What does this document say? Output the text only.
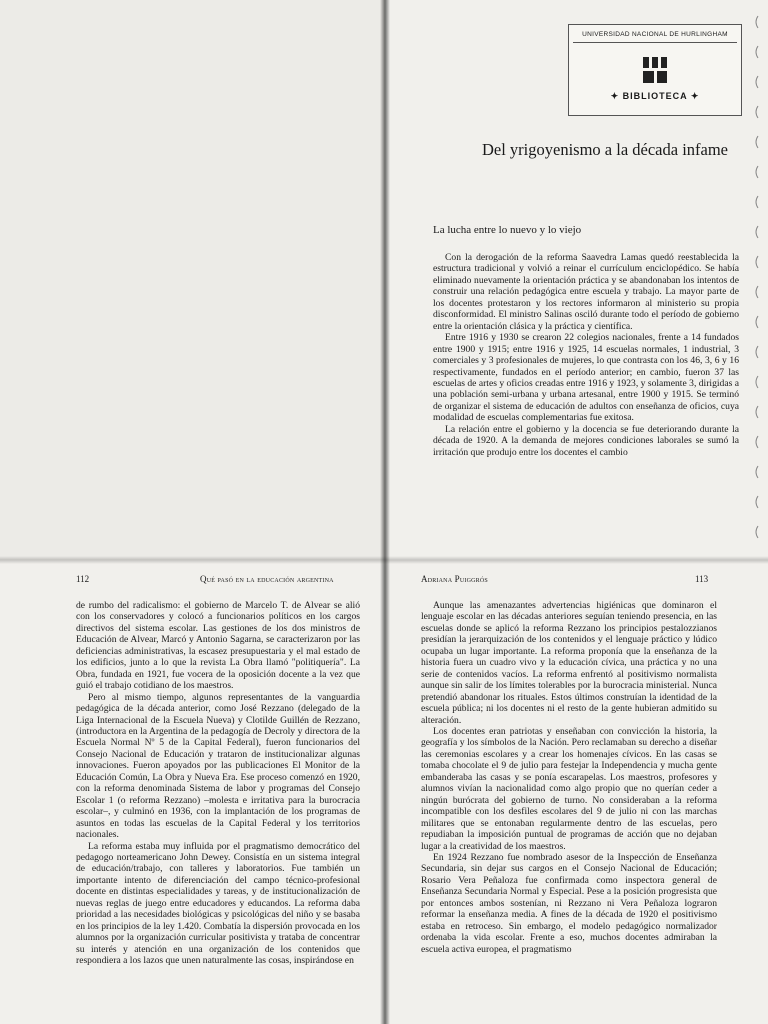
UNIVERSIDAD NACIONAL DE HURLINGHAM
✦ BIBLIOTECA ✦
Del yrigoyenismo a la década infame
La lucha entre lo nuevo y lo viejo

Con la derogación de la reforma Saavedra Lamas quedó reestablecida la estructura tradicional y volvió a reinar el currículum enciclopédico. Se había eliminado nuevamente la orientación práctica y se abandonaban los intentos de construir una relación pedagógica entre escuela y trabajo. La mayor parte de los docentes protestaron y los rectores informaron al ministerio su propia disconformidad. El ministro Salinas osciló durante todo el período de gobierno entre la orientación clásica y la práctica y científica.

Entre 1916 y 1930 se crearon 22 colegios nacionales, frente a 14 fundados entre 1900 y 1915; entre 1916 y 1925, 14 escuelas normales, 1 industrial, 3 comerciales y 3 profesionales de mujeres, lo que contrasta con los 46, 3, 6 y 16 respectivamente, fundados en el período anterior; en cambio, fueron 37 las escuelas de artes y oficios creadas entre 1916 y 1923, y solamente 3, dirigidas a una población semi-urbana y urbana artesanal, entre 1900 y 1915. Se terminó de organizar el sistema de educación de adultos con enseñanza de oficios, cuya modalidad de escuelas complementarias fue exitosa.

La relación entre el gobierno y la docencia se fue deteriorando durante la década de 1920. A la demanda de mejores condiciones laborales se sumó la irritación que produjo entre los docentes el cambio

112	Qué pasó en la educación argentina

de rumbo del radicalismo: el gobierno de Marcelo T. de Alvear se alió con los conservadores y colocó a funcionarios políticos en los cargos directivos del sistema escolar. Las gestiones de los dos ministros de Educación de Alvear, Marcó y Antonio Sagarna, se caracterizaron por las deficiencias administrativas, la escasez presupuestaria y el mal estado de los edificios, junto a lo que la revista La Obra llamó "politiquería". La Obra, fundada en 1921, fue vocera de la oposición docente a la vez que guió el trabajo cotidiano de los maestros.

Pero al mismo tiempo, algunos representantes de la vanguardia pedagógica de la década anterior, como José Rezzano (delegado de la Liga Internacional de la Escuela Nueva) y Clotilde Guillén de Rezzano, (introductora en la Argentina de la pedagogía de Decroly y directora de la Escuela Normal Nº 5 de la Capital Federal), fueron funcionarios del Consejo Nacional de Educación y trataron de institucionalizar algunas innovaciones. Fueron apoyados por las publicaciones El Monitor de la Educación Común, La Obra y Nueva Era. Ese proceso comenzó en 1920, con la reforma denominada Sistema de labor y programas del Consejo Escolar 1 (o reforma Rezzano) –molesta e irritativa para la burocracia escolar–, y culminó en 1936, con la implantación de los programas de asuntos en todas las escuelas de la Capital Federal y los territorios nacionales.

La reforma estaba muy influida por el pragmatismo democrático del pedagogo norteamericano John Dewey. Consistía en un sistema integral de educación/trabajo, con talleres y laboratorios. Fue también un importante intento de diferenciación del campo técnico-profesional docente en distintas especialidades y tareas, y de institucionalización de nuevas reglas de juego entre educadores y educandos. La reforma daba prioridad a las necesidades biológicas y psicológicas del niño y se basaba en los principios de la ley 1.420. Combatía la dispersión provocada en los alumnos por la organización curricular positivista y trataba de concentrar su interés y atención en una organización de los contenidos que respondiera a los lazos que unen naturalmente las cosas, inspirándose en

Adriana Puiggrós	113

Aunque las amenazantes advertencias higiénicas que dominaron el lenguaje escolar en las décadas anteriores seguían teniendo presencia, en las escuelas donde se aplicó la reforma Rezzano los principios pestalozzianos presidían la jerarquización de los contenidos y el lenguaje práctico y lúdico ocupaba un lugar importante. La reforma proponía que la enseñanza de la historia fuera un cuadro vivo y la educación cívica, una práctica y no una serie de contenidos vacíos. La reforma enfrentó al positivismo normalista aunque sin salir de los límites tolerables por la burocracia ministerial. Nunca pretendió abandonar los rituales. Estos últimos construían la identidad de la escuela pública; ni los docentes ni el resto de la gente hubieran admitido su alteración.

Los docentes eran patriotas y enseñaban con convicción la historia, la geografía y los símbolos de la Nación. Pero reclamaban su derecho a diseñar las ceremonias escolares y a crear los homenajes cívicos. En las casas se tomaba chocolate el 9 de julio para festejar la Independencia y mucha gente embanderaba las casas y se ponía escarapelas. Los maestros, profesores y alumnos vivían la nacionalidad como algo propio que no querían ceder a ningún burócrata del gobierno de turno. No consideraban a la reforma incompatible con los desfiles escolares del 9 de julio ni con las marchas militares que se entonaban regularmente dentro de las escuelas, pero repudiaban la imposición puntual de programas de acción que no dejaban lugar a la creatividad de los maestros.

En 1924 Rezzano fue nombrado asesor de la Inspección de Enseñanza Secundaria, sin dejar sus cargos en el Consejo Nacional de Educación; Rosario Vera Peñaloza fue confirmada como inspectora general de Enseñanza Secundaria Normal y Especial. Pese a la posición progresista que por entonces ambos sostenían, ni Rezzano ni Vera Peñaloza lograron reformar la enseñanza media. A fines de la década de 1920 el positivismo estaba en retroceso. Sin embargo, el modelo pedagógico normalizador ordenaba la vida escolar. Frente a eso, muchos docentes admiraban la escuela activa europea, el pragmatismo
